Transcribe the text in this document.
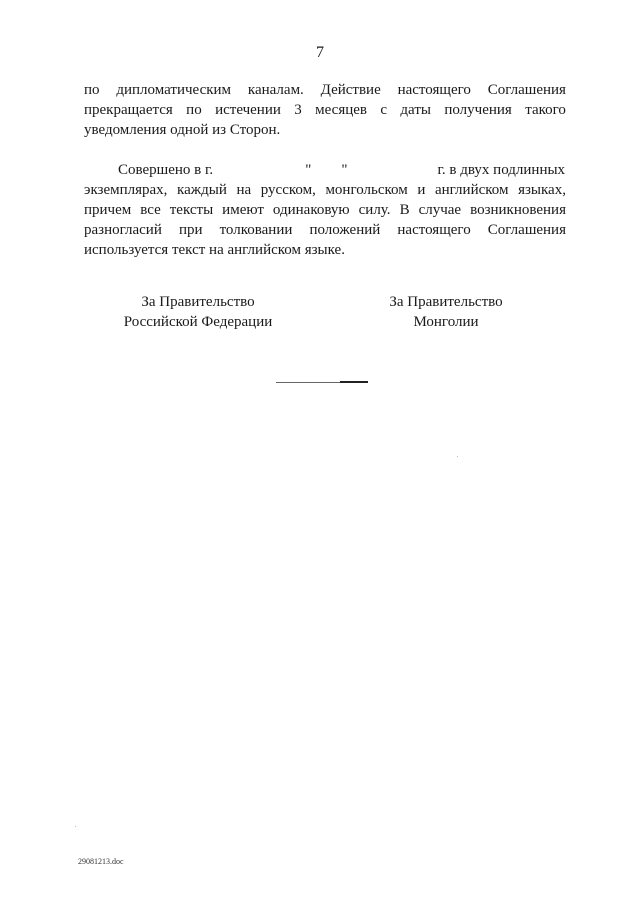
7
по дипломатическим каналам. Действие настоящего Соглашения
прекращается по истечении 3 месяцев с даты получения такого
уведомления одной из Сторон.
Совершено в г.	" "	г. в двух подлинных
экземплярах, каждый на русском, монгольском и английском языках,
причем все тексты имеют одинаковую силу. В случае возникновения
разногласий при толковании положений настоящего Соглашения
используется текст на английском языке.
За Правительство
Российской Федерации
За Правительство
Монголии
29081213.doc
